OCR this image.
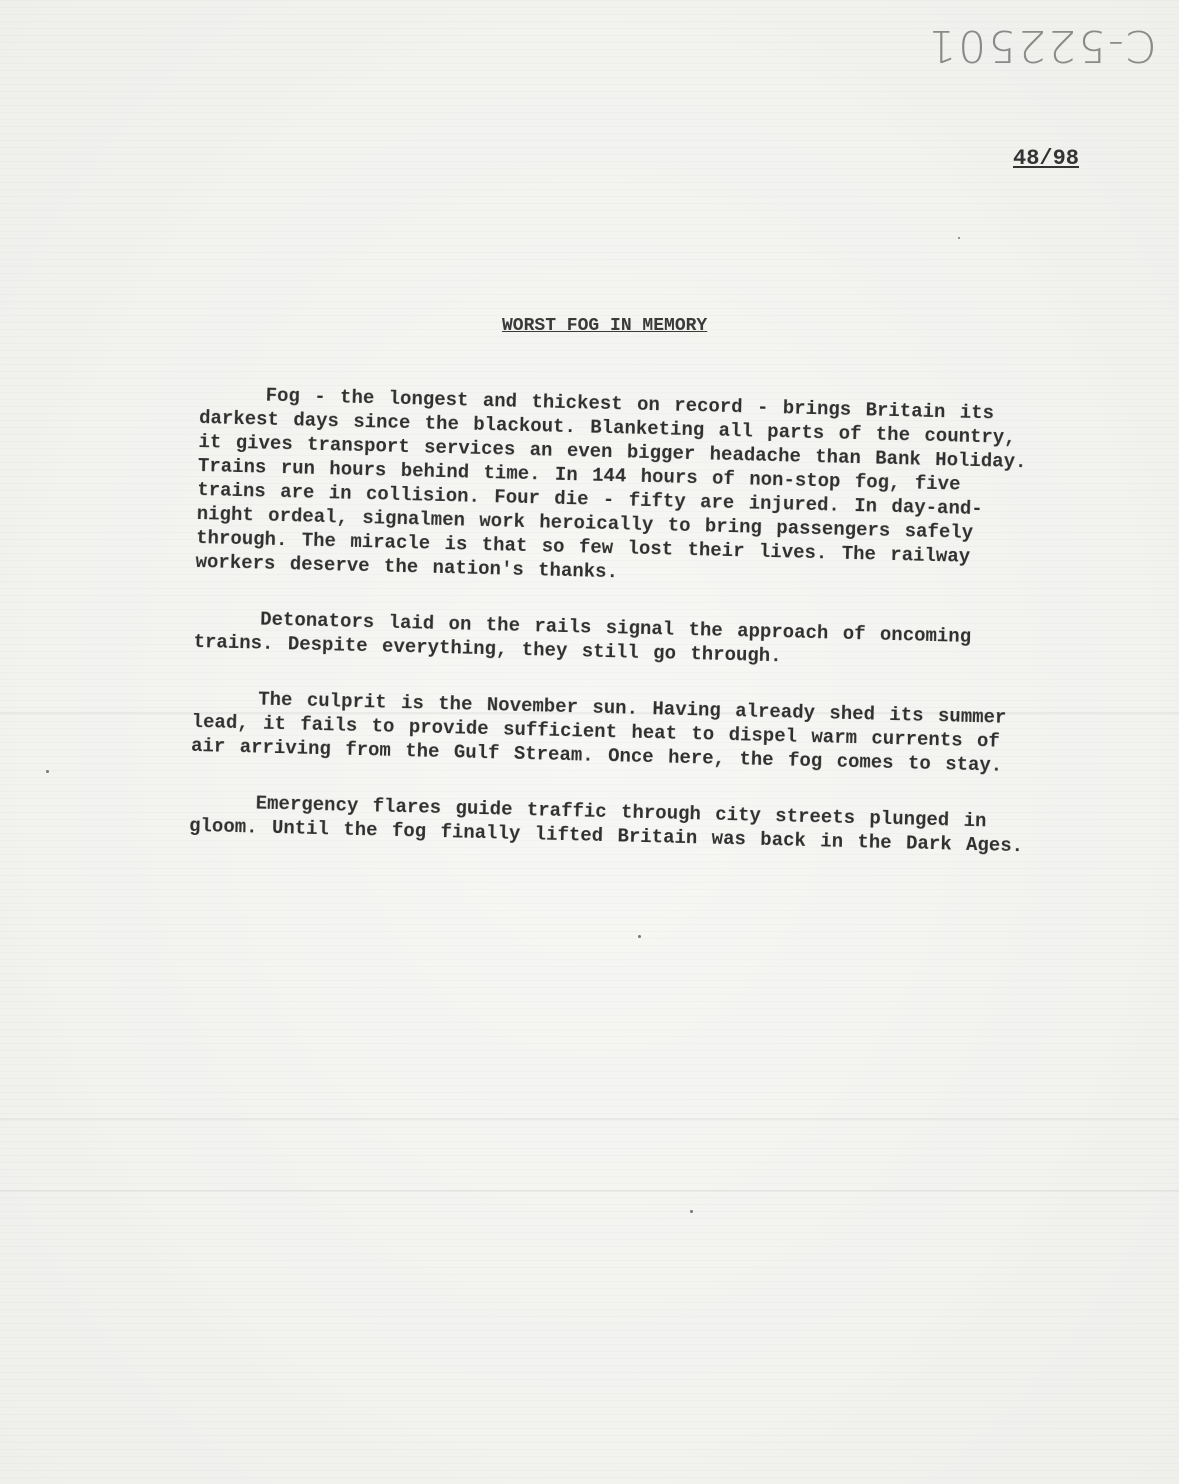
C-522501
48/98
WORST FOG IN MEMORY

Fog - the longest and thickest on record - brings Britain its darkest days since the blackout. Blanketing all parts of the country, it gives transport services an even bigger headache than Bank Holiday. Trains run hours behind time. In 144 hours of non-stop fog, five trains are in collision. Four die - fifty are injured. In day-and-night ordeal, signalmen work heroically to bring passengers safely through. The miracle is that so few lost their lives. The railway workers deserve the nation's thanks.

Detonators laid on the rails signal the approach of oncoming trains. Despite everything, they still go through.

The culprit is the November sun. Having already shed its summer lead, it fails to provide sufficient heat to dispel warm currents of air arriving from the Gulf Stream. Once here, the fog comes to stay.

Emergency flares guide traffic through city streets plunged in gloom. Until the fog finally lifted Britain was back in the Dark Ages.
